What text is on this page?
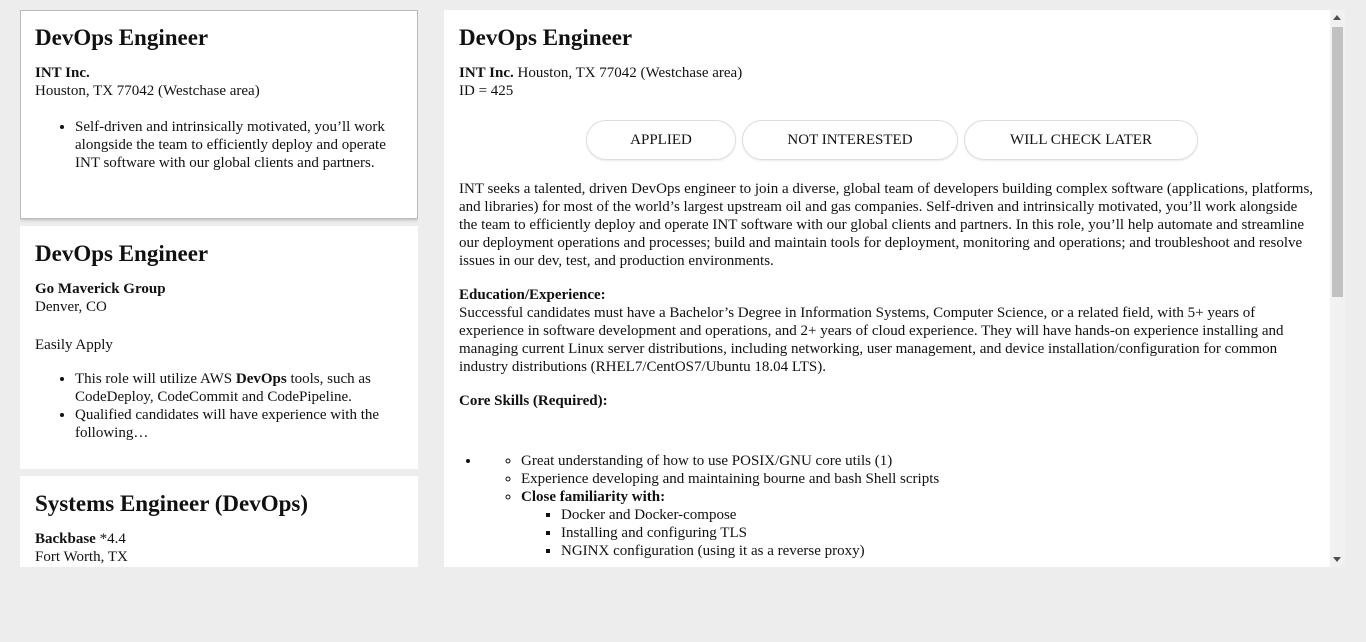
DevOps Engineer
INT Inc.
Houston, TX 77042 (Westchase area)
• Self-driven and intrinsically motivated, you’ll work alongside the team to efficiently deploy and operate INT software with our global clients and partners.
DevOps Engineer
Go Maverick Group
Denver, CO
Easily Apply
• This role will utilize AWS DevOps tools, such as CodeDeploy, CodeCommit and CodePipeline.
• Qualified candidates will have experience with the following…
Systems Engineer (DevOps)
Backbase *4.4
Fort Worth, TX
DevOps Engineer
INT Inc. Houston, TX 77042 (Westchase area)
ID = 425
APPLIED	NOT INTERESTED	WILL CHECK LATER

INT seeks a talented, driven DevOps engineer to join a diverse, global team of developers building complex software (applications, platforms, and libraries) for most of the world’s largest upstream oil and gas companies. Self-driven and intrinsically motivated, you’ll work alongside the team to efficiently deploy and operate INT software with our global clients and partners. In this role, you’ll help automate and streamline our deployment operations and processes; build and maintain tools for deployment, monitoring and operations; and troubleshoot and resolve issues in our dev, test, and production environments.

Education/Experience:
Successful candidates must have a Bachelor’s Degree in Information Systems, Computer Science, or a related field, with 5+ years of experience in software development and operations, and 2+ years of cloud experience. They will have hands-on experience installing and managing current Linux server distributions, including networking, user management, and device installation/configuration for common industry distributions (RHEL7/CentOS7/Ubuntu 18.04 LTS).

Core Skills (Required):
◦ • Great understanding of how to use POSIX/GNU core utils (1)
◦ Experience developing and maintaining bourne and bash Shell scripts
◦ Close familiarity with:
▪ Docker and Docker-compose
▪ Installing and configuring TLS
▪ NGINX configuration (using it as a reverse proxy)
